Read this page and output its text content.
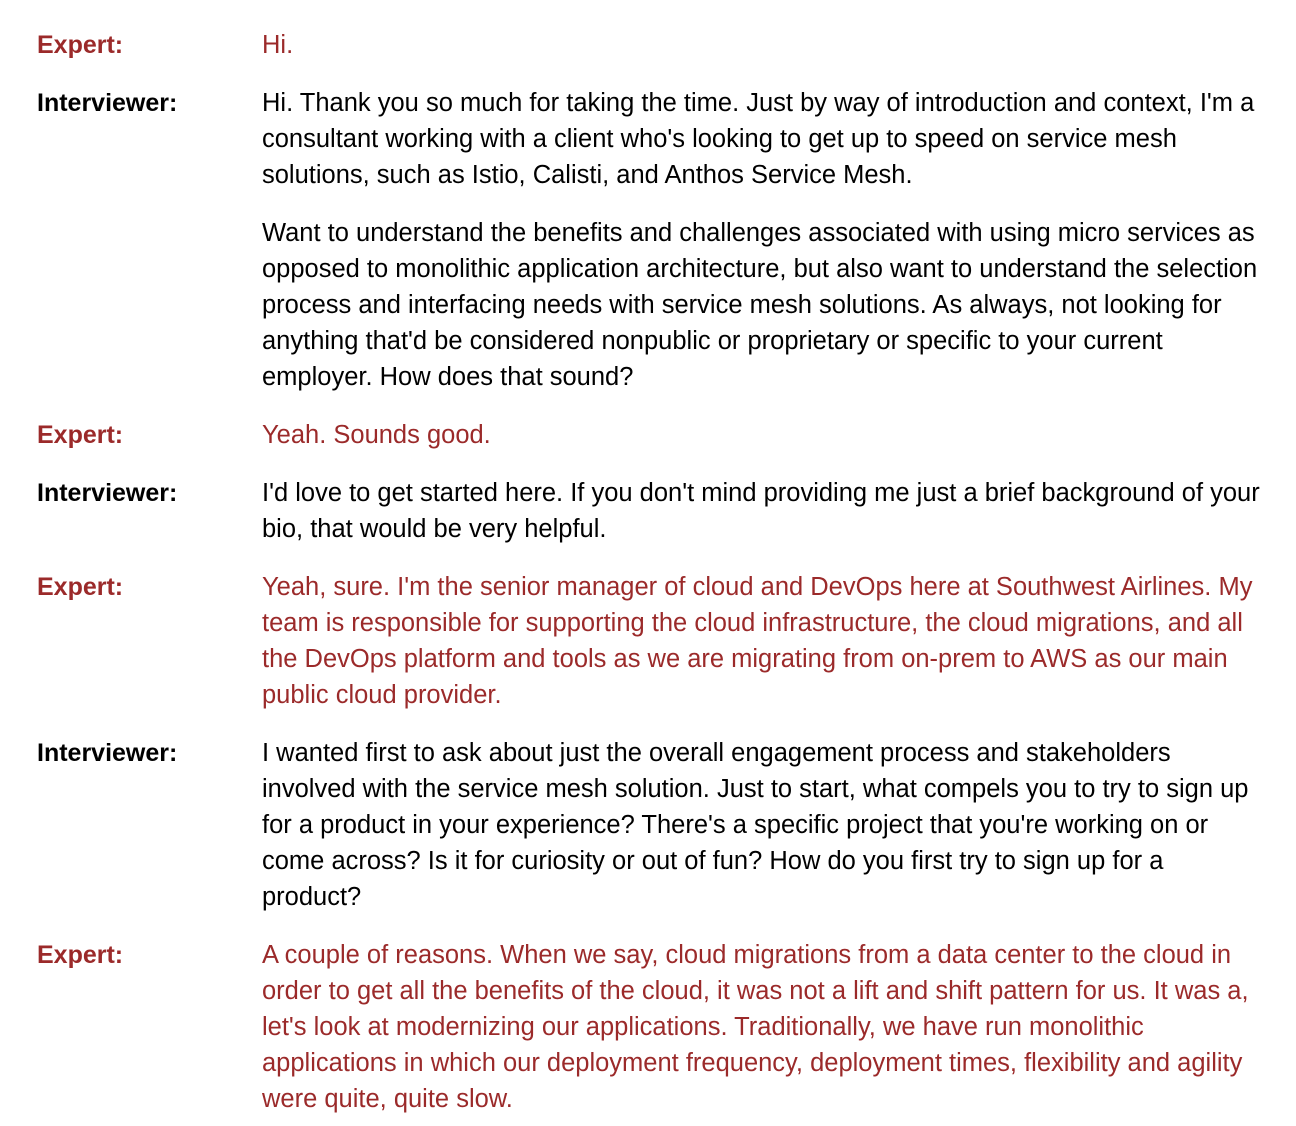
Expert:	Hi.

Interviewer:	Hi. Thank you so much for taking the time. Just by way of introduction and context, I'm a consultant working with a client who's looking to get up to speed on service mesh solutions, such as Istio, Calisti, and Anthos Service Mesh.

Want to understand the benefits and challenges associated with using micro services as opposed to monolithic application architecture, but also want to understand the selection process and interfacing needs with service mesh solutions. As always, not looking for anything that'd be considered nonpublic or proprietary or specific to your current employer. How does that sound?

Expert:	Yeah. Sounds good.

Interviewer:	I'd love to get started here. If you don't mind providing me just a brief background of your bio, that would be very helpful.

Expert:	Yeah, sure. I'm the senior manager of cloud and DevOps here at Southwest Airlines. My team is responsible for supporting the cloud infrastructure, the cloud migrations, and all the DevOps platform and tools as we are migrating from on-prem to AWS as our main public cloud provider.

Interviewer:	I wanted first to ask about just the overall engagement process and stakeholders involved with the service mesh solution. Just to start, what compels you to try to sign up for a product in your experience? There's a specific project that you're working on or come across? Is it for curiosity or out of fun? How do you first try to sign up for a product?

Expert:	A couple of reasons. When we say, cloud migrations from a data center to the cloud in order to get all the benefits of the cloud, it was not a lift and shift pattern for us. It was a, let's look at modernizing our applications. Traditionally, we have run monolithic applications in which our deployment frequency, deployment times, flexibility and agility were quite, quite slow.
